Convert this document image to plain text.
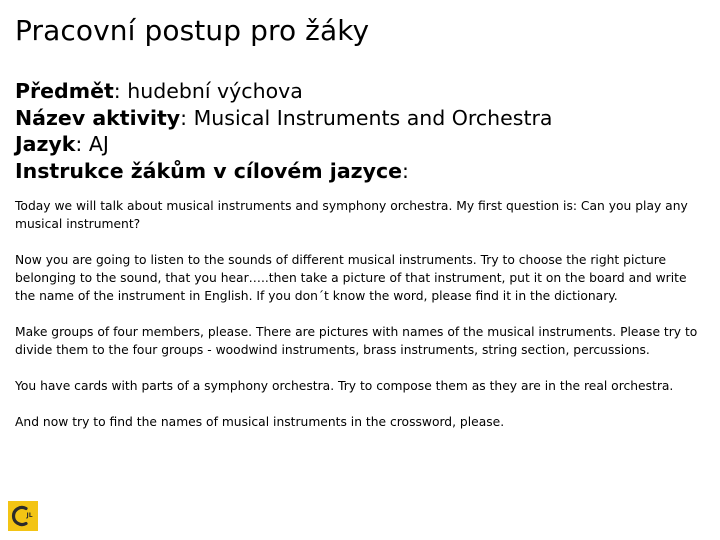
Pracovní postup pro žáky
Předmět: hudební výchova
Název aktivity: Musical Instruments and Orchestra
Jazyk: AJ
Instrukce žákům v cílovém jazyce:

Today we will talk about musical instruments and symphony orchestra. My first question is: Can you play any musical instrument?

Now you are going to listen to the sounds of different musical instruments. Try to choose the right picture belonging to the sound, that you hear…..then take a picture of that instrument, put it on the board and write the name of the instrument in English. If you don´t know the word, please find it in the dictionary.

Make groups of four members, please. There are pictures with names of the musical instruments. Please try to divide them to the four groups - woodwind instruments, brass instruments, string section, percussions.

You have cards with parts of a symphony orchestra. Try to compose them as they are in the real orchestra.

And now try to find the names of musical instruments in the crossword, please.

JL
